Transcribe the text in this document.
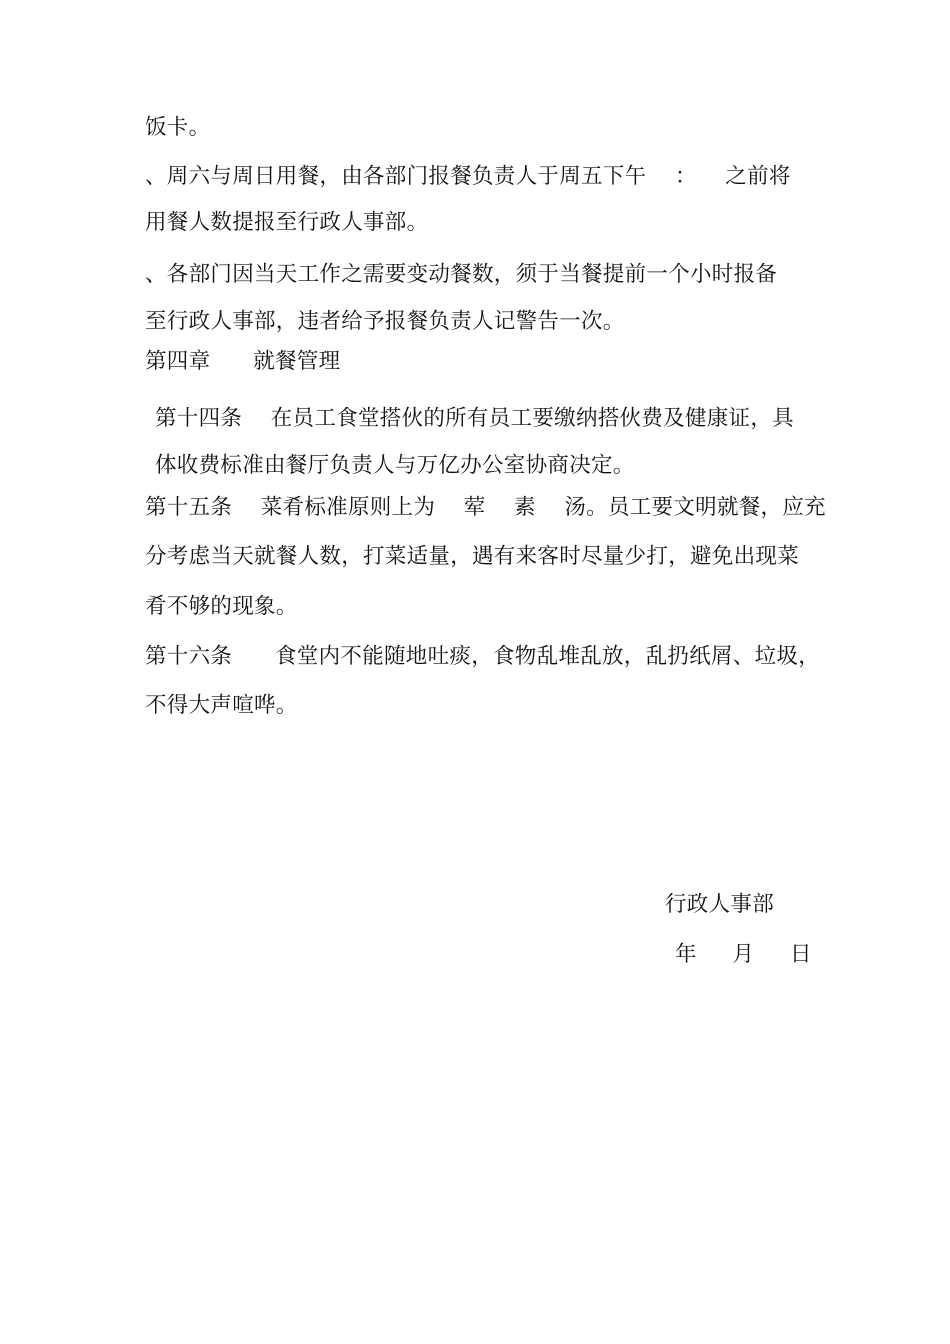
饭卡。
、周六与周日用餐，由各部门报餐负责人于周五下午    ：    之前将
用餐人数提报至行政人事部。
、各部门因当天工作之需要变动餐数，须于当餐提前一个小时报备
至行政人事部，违者给予报餐负责人记警告一次。
第四章      就餐管理
第十四条    在员工食堂搭伙的所有员工要缴纳搭伙费及健康证，具
体收费标准由餐厅负责人与万亿办公室协商决定。
第十五条    菜肴标准原则上为    荤    素    汤。员工要文明就餐，应充
分考虑当天就餐人数，打菜适量，遇有来客时尽量少打，避免出现菜
肴不够的现象。
第十六条      食堂内不能随地吐痰，食物乱堆乱放，乱扔纸屑、垃圾，
不得大声喧哗。
行政人事部
年     月     日
